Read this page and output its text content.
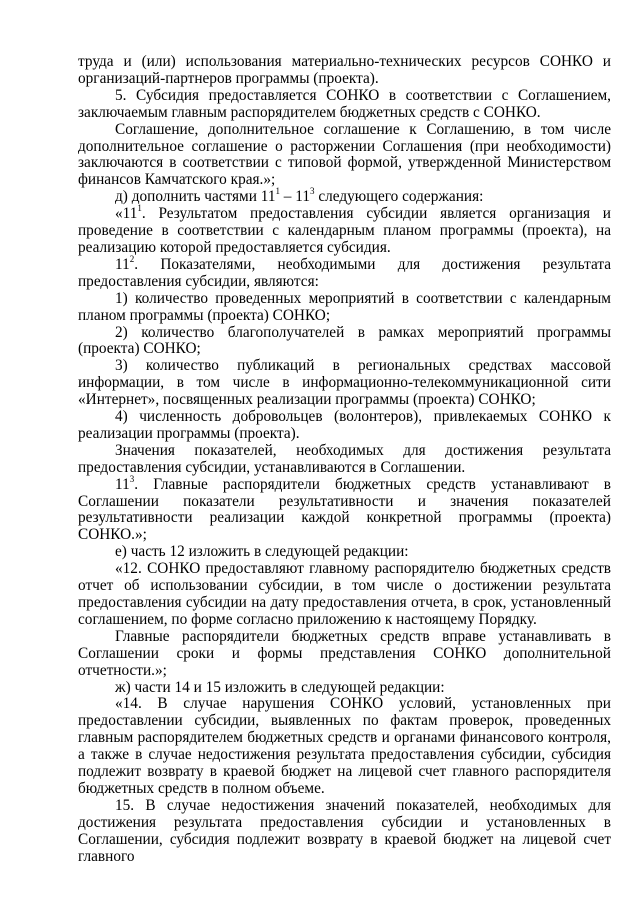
труда и (или) использования материально-технических ресурсов СОНКО и организаций-партнеров программы (проекта).

5. Субсидия предоставляется СОНКО в соответствии с Соглашением, заключаемым главным распорядителем бюджетных средств с СОНКО.

Соглашение, дополнительное соглашение к Соглашению, в том числе дополнительное соглашение о расторжении Соглашения (при необходимости) заключаются в соответствии с типовой формой, утвержденной Министерством финансов Камчатского края.»;

д) дополнить частями $11^1 - 11^3$ следующего содержания:

«$11^1$. Результатом предоставления субсидии является организация и проведение в соответствии с календарным планом программы (проекта), на реализацию которой предоставляется субсидия.

$11^2$. Показателями, необходимыми для достижения результата предоставления субсидии, являются:

1) количество проведенных мероприятий в соответствии с календарным планом программы (проекта) СОНКО;

2) количество благополучателей в рамках мероприятий программы (проекта) СОНКО;

3) количество публикаций в региональных средствах массовой информации, в том числе в информационно-телекоммуникационной сити «Интернет», посвященных реализации программы (проекта) СОНКО;

4) численность добровольцев (волонтеров), привлекаемых СОНКО к реализации программы (проекта).

Значения показателей, необходимых для достижения результата предоставления субсидии, устанавливаются в Соглашении.

$11^3$. Главные распорядители бюджетных средств устанавливают в Соглашении показатели результативности и значения показателей результативности реализации каждой конкретной программы (проекта) СОНКО.»;

е) часть 12 изложить в следующей редакции:

«12. СОНКО предоставляют главному распорядителю бюджетных средств отчет об использовании субсидии, в том числе о достижении результата предоставления субсидии на дату предоставления отчета, в срок, установленный соглашением, по форме согласно приложению к настоящему Порядку.

Главные распорядители бюджетных средств вправе устанавливать в Соглашении сроки и формы представления СОНКО дополнительной отчетности.»;

ж) части 14 и 15 изложить в следующей редакции:

«14. В случае нарушения СОНКО условий, установленных при предоставлении субсидии, выявленных по фактам проверок, проведенных главным распорядителем бюджетных средств и органами финансового контроля, а также в случае недостижения результата предоставления субсидии, субсидия подлежит возврату в краевой бюджет на лицевой счет главного распорядителя бюджетных средств в полном объеме.

15. В случае недостижения значений показателей, необходимых для достижения результата предоставления субсидии и установленных в Соглашении, субсидия подлежит возврату в краевой бюджет на лицевой счет главного
